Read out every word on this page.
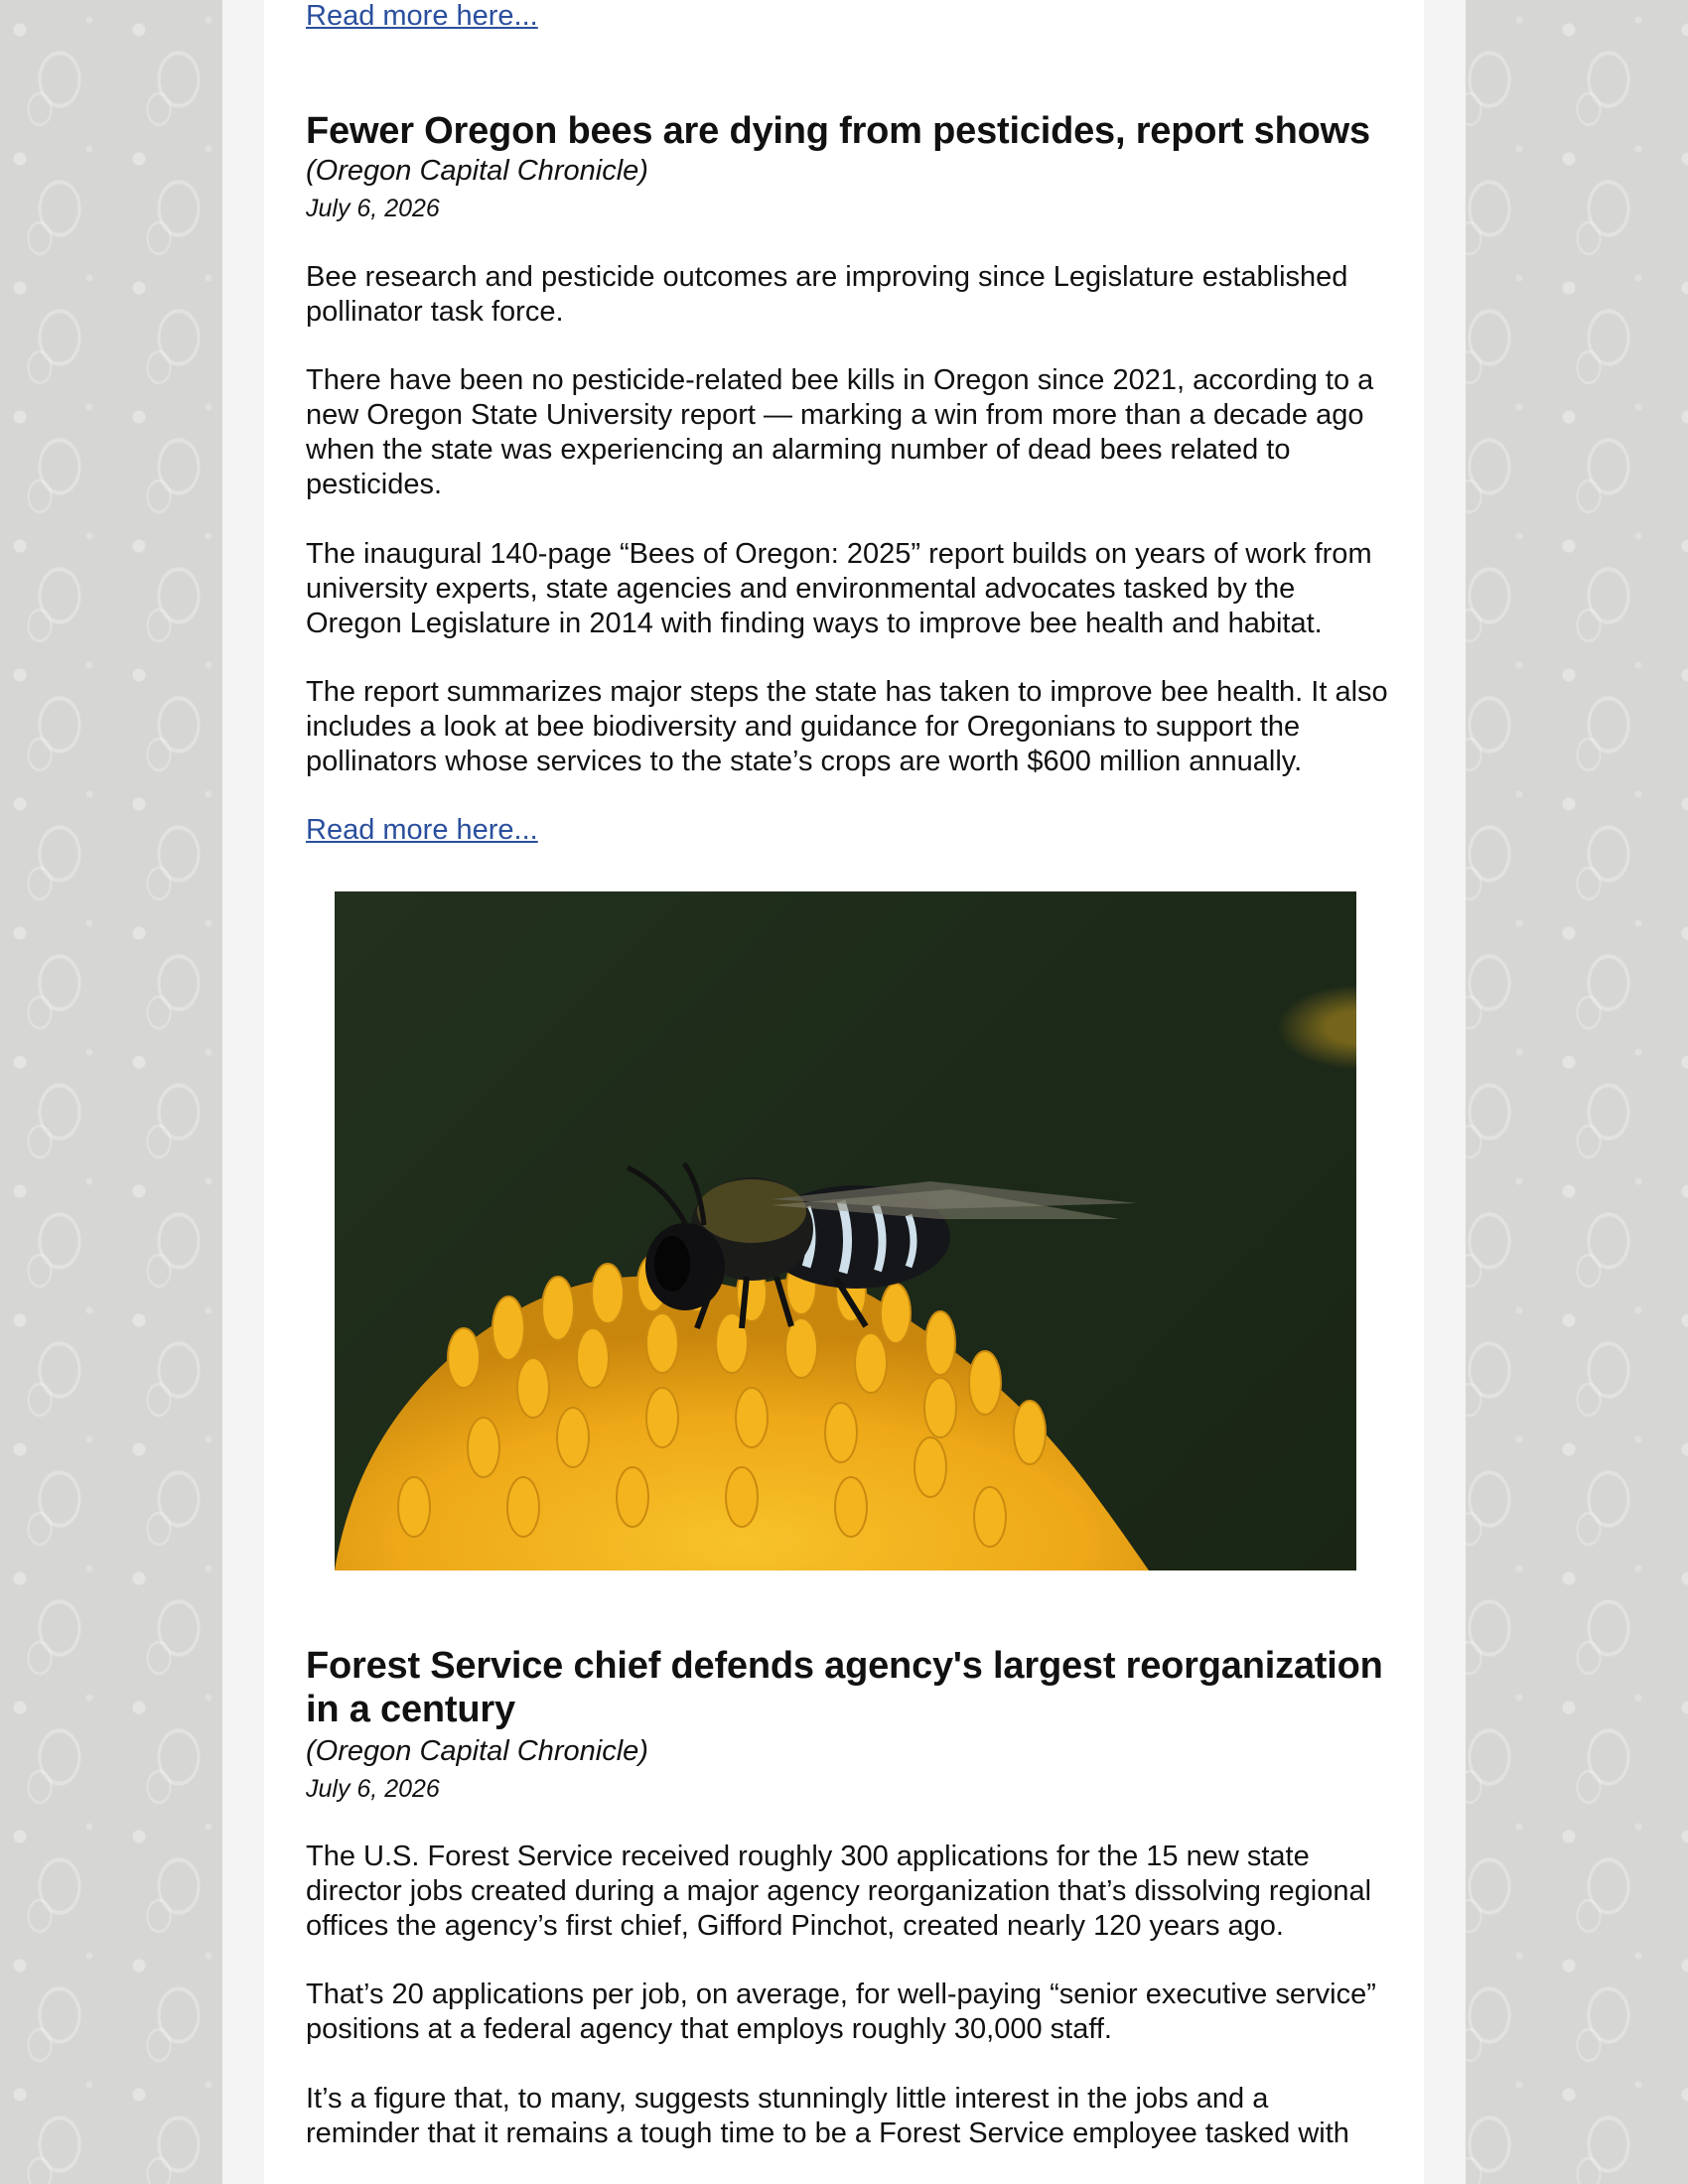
Read more here...
Fewer Oregon bees are dying from pesticides, report shows
(Oregon Capital Chronicle)
July 6, 2026

Bee research and pesticide outcomes are improving since Legislature established pollinator task force.

There have been no pesticide-related bee kills in Oregon since 2021, according to a new Oregon State University report — marking a win from more than a decade ago when the state was experiencing an alarming number of dead bees related to pesticides.

The inaugural 140-page “Bees of Oregon: 2025” report builds on years of work from university experts, state agencies and environmental advocates tasked by the Oregon Legislature in 2014 with finding ways to improve bee health and habitat.

The report summarizes major steps the state has taken to improve bee health. It also includes a look at bee biodiversity and guidance for Oregonians to support the pollinators whose services to the state’s crops are worth $600 million annually.

Read more here...
Forest Service chief defends agency's largest reorganization in a century
(Oregon Capital Chronicle)
July 6, 2026

The U.S. Forest Service received roughly 300 applications for the 15 new state director jobs created during a major agency reorganization that’s dissolving regional offices the agency’s first chief, Gifford Pinchot, created nearly 120 years ago.

That’s 20 applications per job, on average, for well-paying “senior executive service” positions at a federal agency that employs roughly 30,000 staff.

It’s a figure that, to many, suggests stunningly little interest in the jobs and a reminder that it remains a tough time to be a Forest Service employee tasked with
